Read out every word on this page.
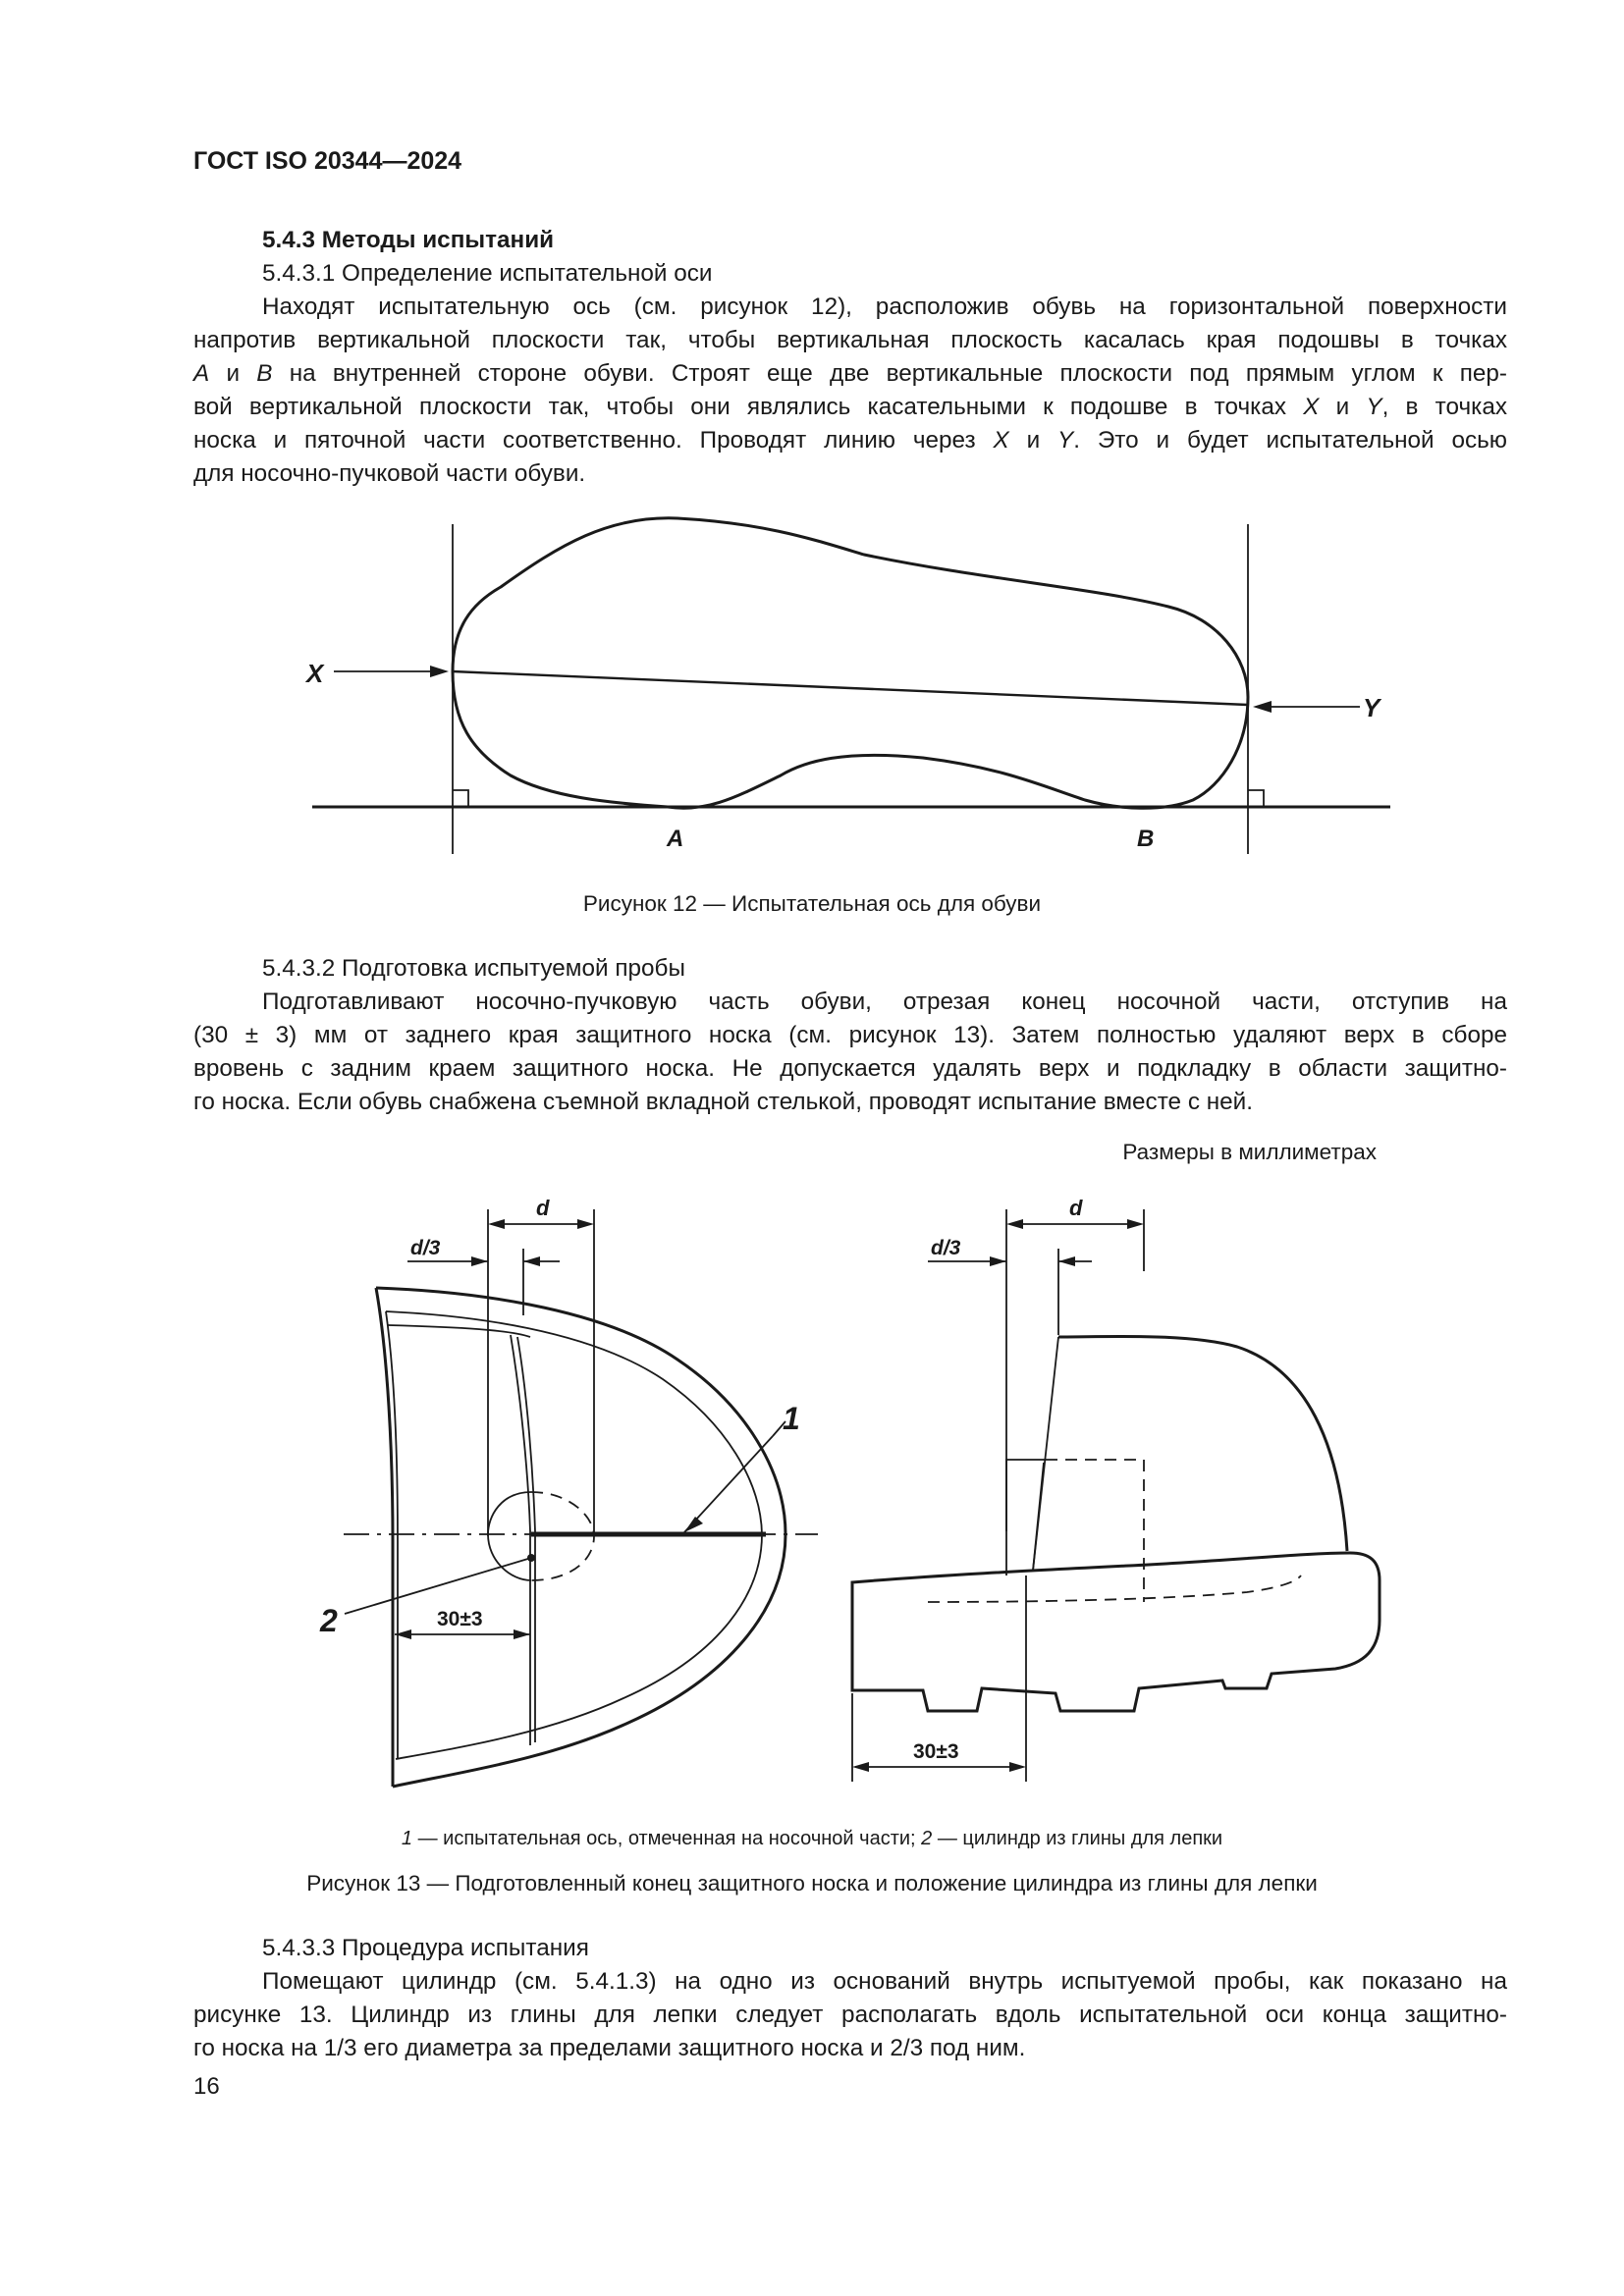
ГОСТ ISO 20344—2024

5.4.3 Методы испытаний

5.4.3.1 Определение испытательной оси

Находят испытательную ось (см. рисунок 12), расположив обувь на горизонтальной поверхности

напротив вертикальной плоскости так, чтобы вертикальная плоскость касалась края подошвы в точках

A и B на внутренней стороне обуви. Строят еще две вертикальные плоскости под прямым углом к пер-

вой вертикальной плоскости так, чтобы они являлись касательными к подошве в точках X и Y, в точках

носка и пяточной части соответственно. Проводят линию через X и Y. Это и будет испытательной осью

для носочно-пучковой части обуви.

X
Y
A	B
Рисунок 12 — Испытательная ось для обуви

5.4.3.2 Подготовка испытуемой пробы

Подготавливают носочно-пучковую часть обуви, отрезая конец носочной части, отступив на

(30 ± 3) мм от заднего края защитного носка (см. рисунок 13). Затем полностью удаляют верх в сборе

вровень с задним краем защитного носка. Не допускается удалять верх и подкладку в области защитно-

го носка. Если обувь снабжена съемной вкладной стелькой, проводят испытание вместе с ней.

Размеры в миллиметрах
d
d/3
1
2	30±3
d
d/3
30±3
1 — испытательная ось, отмеченная на носочной части; 2 — цилиндр из глины для лепки
Рисунок 13 — Подготовленный конец защитного носка и положение цилиндра из глины для лепки

5.4.3.3 Процедура испытания

Помещают цилиндр (см. 5.4.1.3) на одно из оснований внутрь испытуемой пробы, как показано на

рисунке 13. Цилиндр из глины для лепки следует располагать вдоль испытательной оси конца защитно-

го носка на 1/3 его диаметра за пределами защитного носка и 2/3 под ним.

16
